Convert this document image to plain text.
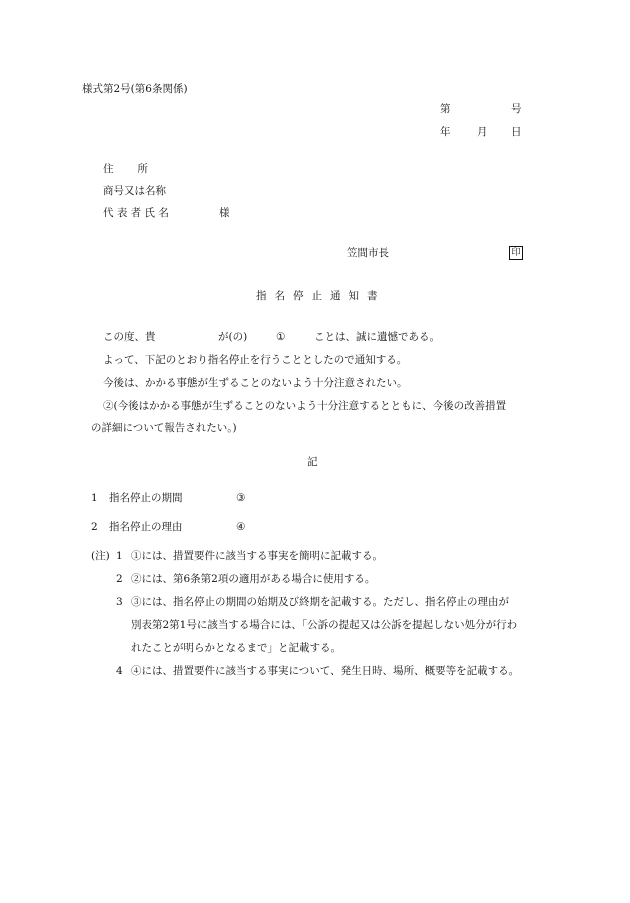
様式第2号(第6条関係)
第	号
年	月 日
住　　所
商号又は名称
代 表 者 氏 名	様
笠間市長	印
指名停止通知書
この度、貴	が(の)	①	ことは、誠に遺憾である。
よって、下記のとおり指名停止を行うこととしたので通知する。
今後は、かかる事態が生ずることのないよう十分注意されたい。
②(今後はかかる事態が生ずることのないよう十分注意するとともに、今後の改善措置
の詳細について報告されたい。)
記
1 指名停止の期間	③
2 指名停止の理由	④
(注) 1 ①には、措置要件に該当する事実を簡明に記載する。
2 ②には、第6条第2項の適用がある場合に使用する。
3 ③には、指名停止の期間の始期及び終期を記載する。ただし、指名停止の理由が
別表第2第1号に該当する場合には、「公訴の提起又は公訴を提起しない処分が行わ
れたことが明らかとなるまで」と記載する。
4 ④には、措置要件に該当する事実について、発生日時、場所、概要等を記載する。
